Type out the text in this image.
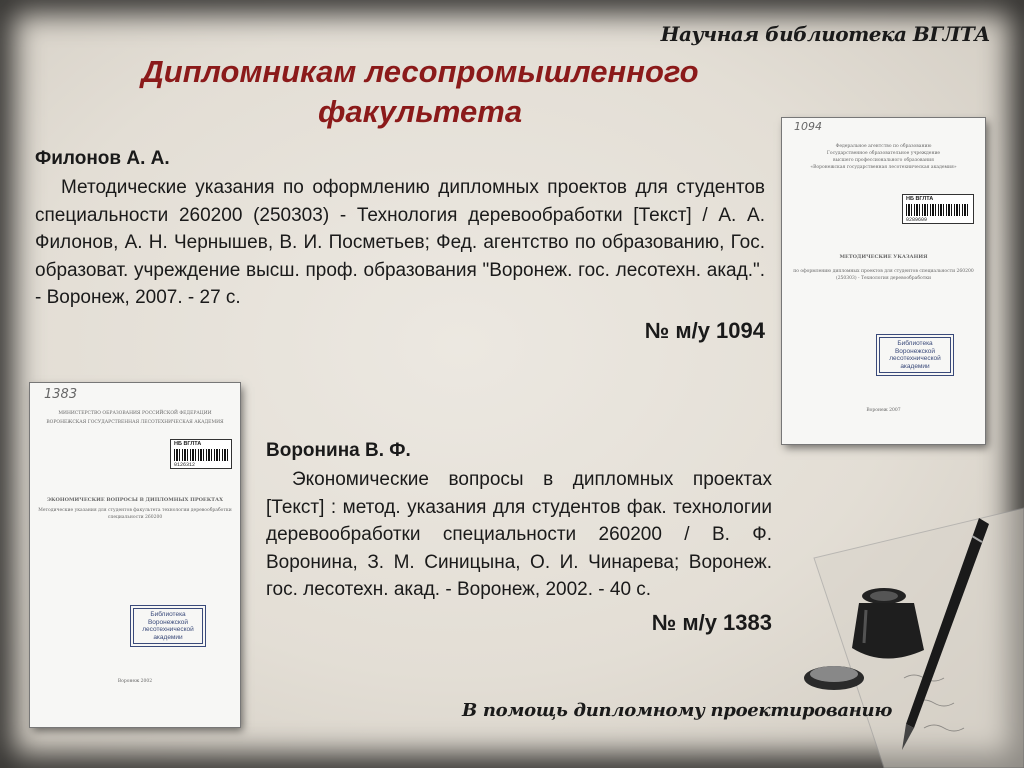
Научная библиотека ВГЛТА
Дипломникам лесопромышленного факультета
Филонов А. А.

Методические указания по оформлению дипломных проектов для студентов специальности 260200 (250303) - Технология деревообработки [Текст] / А. А. Филонов, А. Н. Чернышев, В. И. Посметьев; Фед. агентство по образованию, Гос. образоват. учреждение высш. проф. образования "Воронеж. гос. лесотехн. акад.". - Воронеж, 2007. - 27 с.

№ м/у 1094
Воронина В. Ф.

Экономические вопросы в дипломных проектах [Текст] : метод. указания для студентов фак. технологии деревообработки специальности 260200 / В. Ф. Воронина, З. М. Синицына, О. И. Чинарева; Воронеж. гос. лесотехн. акад. - Воронеж, 2002. - 40 с.

№ м/у 1383
1094
Федеральное агентство по образованию
Государственное образовательное учреждение
высшего профессионального образования
«Воронежская государственная лесотехническая академия»
НБ ВГЛТА
0289609
МЕТОДИЧЕСКИЕ УКАЗАНИЯ
по оформлению дипломных проектов для студентов специальности 260200 (250303) - Технология деревообработки
Библиотека Воронежской лесотехнической академии
Воронеж 2007
1383
МИНИСТЕРСТВО ОБРАЗОВАНИЯ РОССИЙСКОЙ ФЕДЕРАЦИИ
ВОРОНЕЖСКАЯ ГОСУДАРСТВЕННАЯ ЛЕСОТЕХНИЧЕСКАЯ АКАДЕМИЯ
НБ ВГЛТА
0126312
ЭКОНОМИЧЕСКИЕ ВОПРОСЫ В ДИПЛОМНЫХ ПРОЕКТАХ
Методические указания для студентов факультета технологии деревообработки специальности 260200
Библиотека Воронежской лесотехнической академии
Воронеж 2002
В помощь дипломному проектированию
